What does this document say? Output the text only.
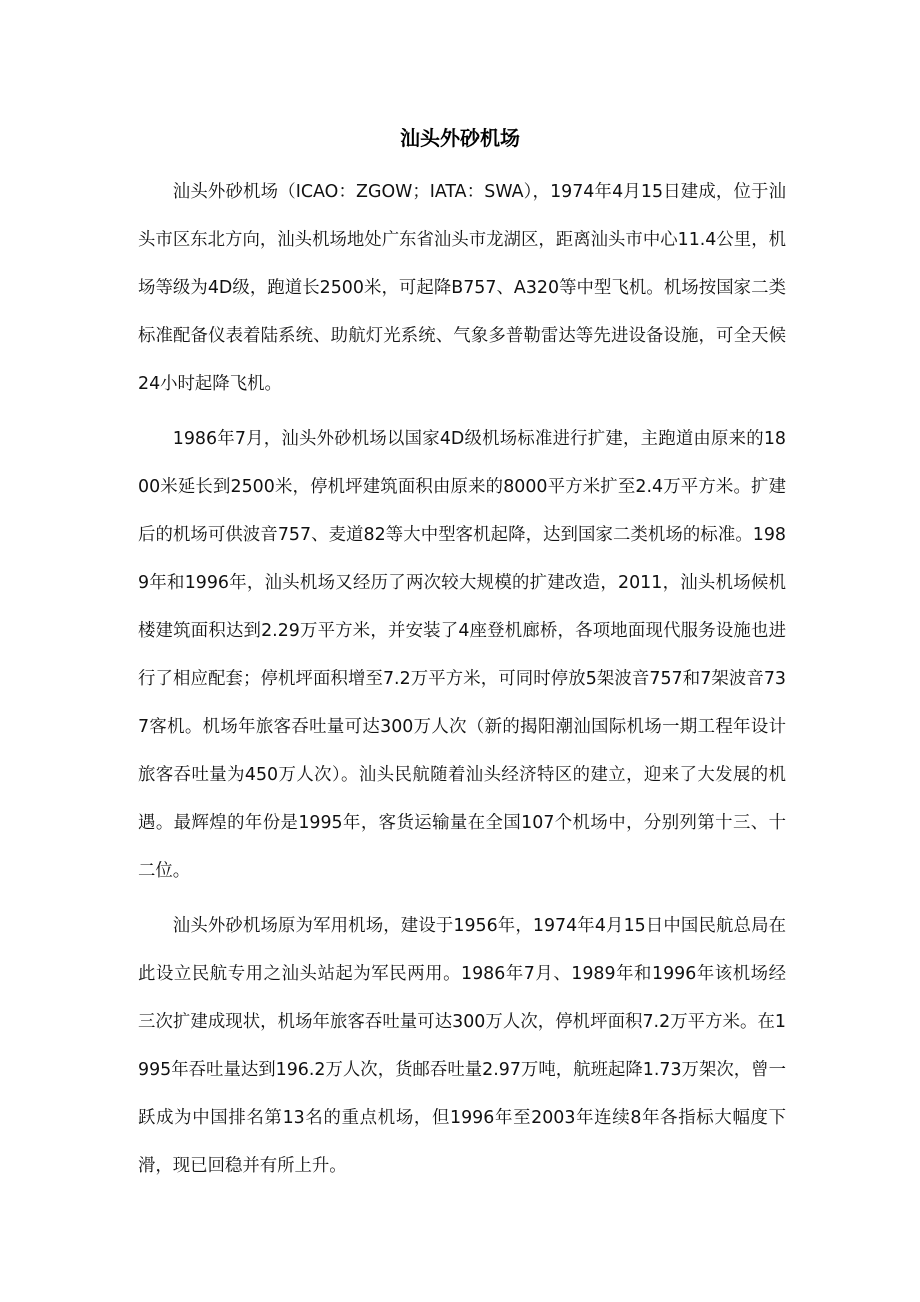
汕头外砂机场

汕头外砂机场（ICAO：ZGOW；IATA：SWA），1974年4月15日建成，位于汕头市区东北方向，汕头机场地处广东省汕头市龙湖区，距离汕头市中心11.4公里，机场等级为4D级，跑道长2500米，可起降B757、A320等中型飞机。机场按国家二类标准配备仪表着陆系统、助航灯光系统、气象多普勒雷达等先进设备设施，可全天候24小时起降飞机。

1986年7月，汕头外砂机场以国家4D级机场标准进行扩建，主跑道由原来的1800米延长到2500米，停机坪建筑面积由原来的8000平方米扩至2.4万平方米。扩建后的机场可供波音757、麦道82等大中型客机起降，达到国家二类机场的标准。1989年和1996年，汕头机场又经历了两次较大规模的扩建改造，2011，汕头机场候机楼建筑面积达到2.29万平方米，并安装了4座登机廊桥，各项地面现代服务设施也进行了相应配套；停机坪面积增至7.2万平方米，可同时停放5架波音757和7架波音737客机。机场年旅客吞吐量可达300万人次（新的揭阳潮汕国际机场一期工程年设计旅客吞吐量为450万人次）。汕头民航随着汕头经济特区的建立，迎来了大发展的机遇。最辉煌的年份是1995年，客货运输量在全国107个机场中，分别列第十三、十二位。

汕头外砂机场原为军用机场，建设于1956年，1974年4月15日中国民航总局在此设立民航专用之汕头站起为军民两用。1986年7月、1989年和1996年该机场经三次扩建成现状，机场年旅客吞吐量可达300万人次，停机坪面积7.2万平方米。在1995年吞吐量达到196.2万人次，货邮吞吐量2.97万吨，航班起降1.73万架次，曾一跃成为中国排名第13名的重点机场，但1996年至2003年连续8年各指标大幅度下滑，现已回稳并有所上升。
